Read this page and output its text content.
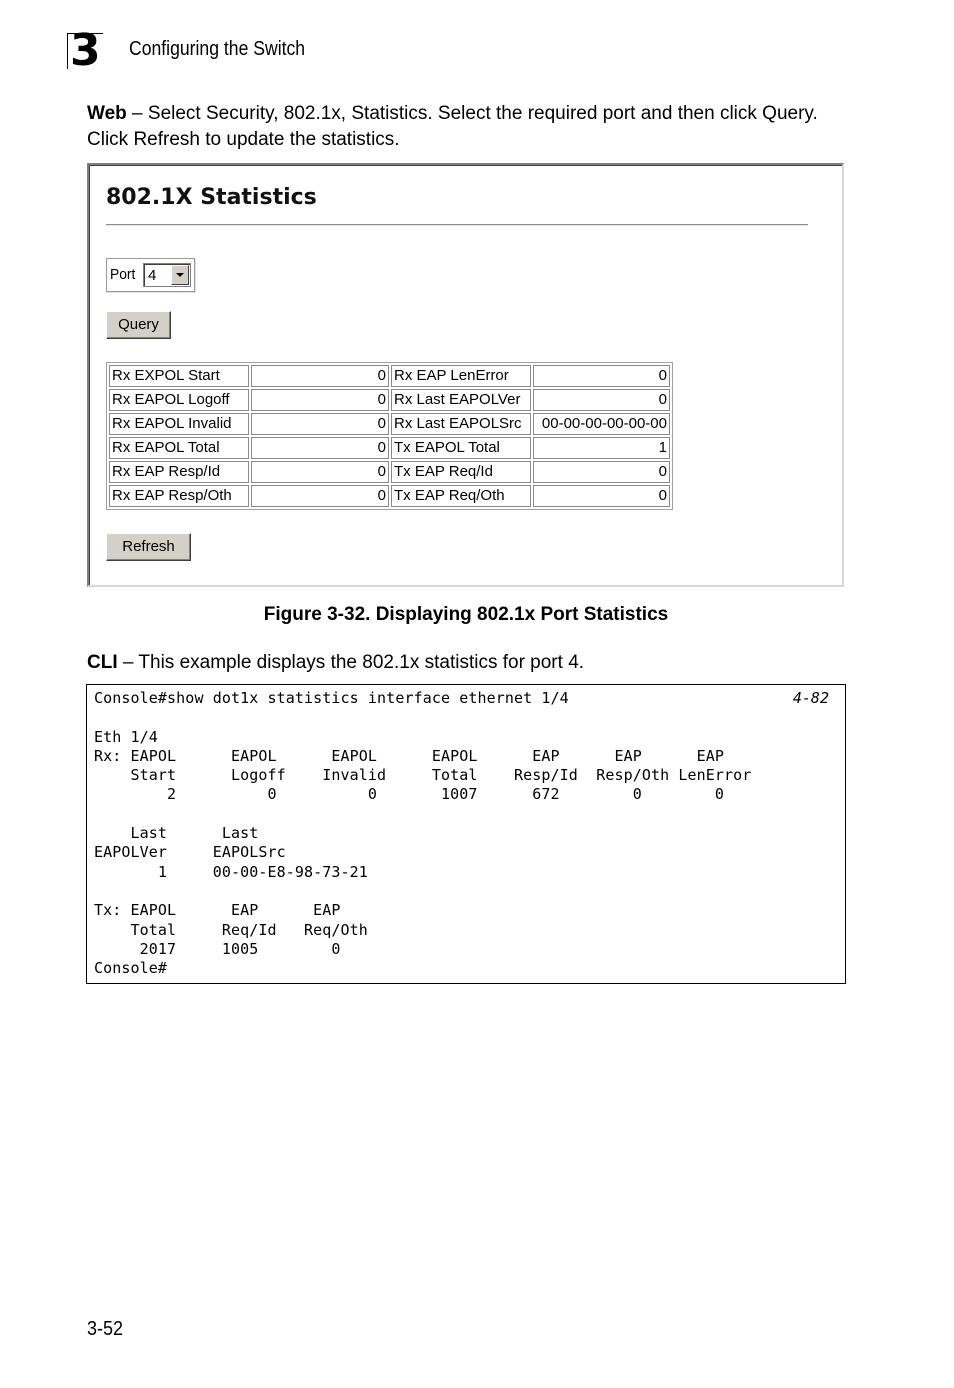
3 Configuring the Switch
Web – Select Security, 802.1x, Statistics. Select the required port and then click Query. Click Refresh to update the statistics.
802.1X Statistics
Port 4
Query
Rx EXPOL Start	0	Rx EAP LenError	0
Rx EAPOL Logoff	0	Rx Last EAPOLVer	0
Rx EAPOL Invalid	0	Rx Last EAPOLSrc	00-00-00-00-00-00
Rx EAPOL Total	0	Tx EAPOL Total	1
Rx EAP Resp/Id	0	Tx EAP Req/Id	0
Rx EAP Resp/Oth	0	Tx EAP Req/Oth	0
Refresh
Figure 3-32. Displaying 802.1x Port Statistics
CLI – This example displays the 802.1x statistics for port 4.
Console#show dot1x statistics interface ethernet 1/4

Eth 1/4
Rx: EAPOL      EAPOL      EAPOL      EAPOL      EAP      EAP      EAP
Start      Logoff    Invalid     Total    Resp/Id  Resp/Oth LenError
2          0          0       1007      672        0        0

Last      Last
EAPOLVer     EAPOLSrc
1     00-00-E8-98-73-21

Tx: EAPOL      EAP      EAP
Total     Req/Id   Req/Oth
2017     1005        0
Console#
4-82
3-52
